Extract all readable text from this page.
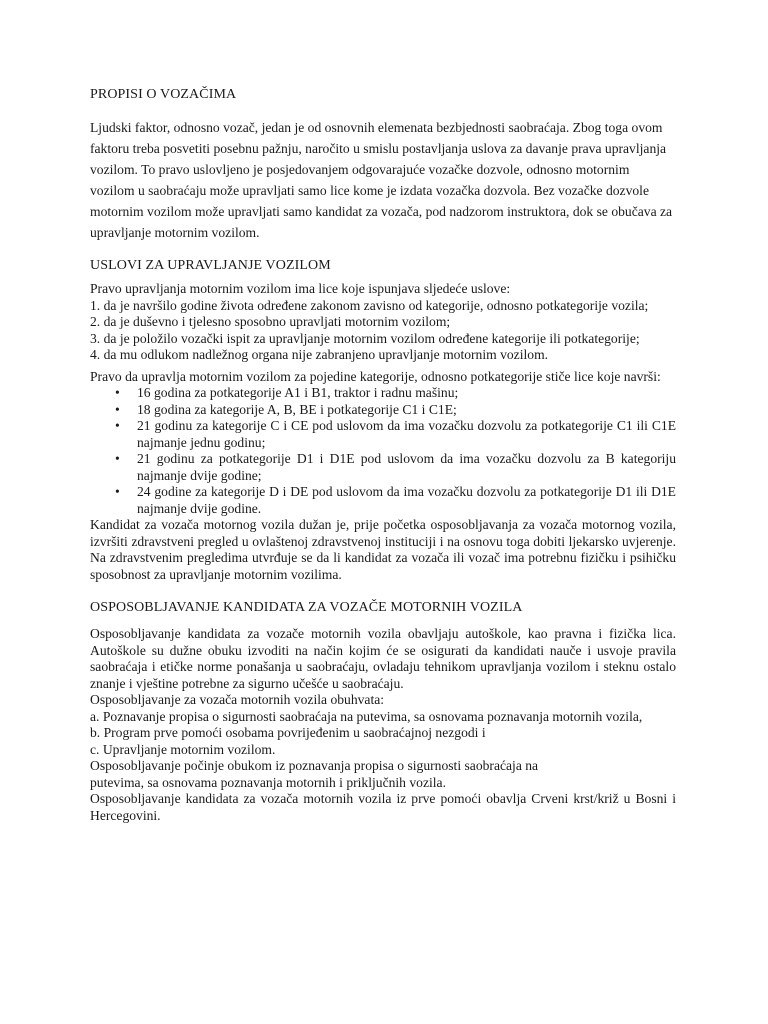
PROPISI O VOZAČIMA

Ljudski faktor, odnosno vozač, jedan je od osnovnih elemenata bezbjednosti saobraćaja. Zbog toga ovom faktoru treba posvetiti posebnu pažnju, naročito u smislu postavljanja uslova za davanje prava upravljanja vozilom. To pravo uslovljeno je posjedovanjem odgovarajuće vozačke dozvole, odnosno motornim vozilom u saobraćaju može upravljati samo lice kome je izdata vozačka dozvola. Bez vozačke dozvole motornim vozilom može upravljati samo kandidat za vozača, pod nadzorom instruktora, dok se obučava za upravljanje motornim vozilom.

USLOVI ZA UPRAVLJANJE VOZILOM

Pravo upravljanja motornim vozilom ima lice koje ispunjava sljedeće uslove:

1. da je navršilo godine života određene zakonom zavisno od kategorije, odnosno potkategorije vozila;

2. da je duševno i tjelesno sposobno upravljati motornim vozilom;

3. da je položilo vozački ispit za upravljanje motornim vozilom određene kategorije ili potkategorije;

4. da mu odlukom nadležnog organa nije zabranjeno upravljanje motornim vozilom.

Pravo da upravlja motornim vozilom za pojedine kategorije, odnosno potkategorije stiče lice koje navrši:

• 16 godina za potkategorije A1 i B1, traktor i radnu mašinu;
• 18 godina za kategorije A, B, BE i potkategorije C1 i C1E;
• 21 godinu za kategorije C i CE pod uslovom da ima vozačku dozvolu za potkategorije C1 ili C1E najmanje jednu godinu;
• 21 godinu za potkategorije D1 i D1E pod uslovom da ima vozačku dozvolu za B kategoriju najmanje dvije godine;
• 24 godine za kategorije D i DE pod uslovom da ima vozačku dozvolu za potkategorije D1 ili D1E najmanje dvije godine.

Kandidat za vozača motornog vozila dužan je, prije početka osposobljavanja za vozača motornog vozila, izvršiti zdravstveni pregled u ovlaštenoj zdravstvenoj instituciji i na osnovu toga dobiti ljekarsko uvjerenje. Na zdravstvenim pregledima utvrđuje se da li kandidat za vozača ili vozač ima potrebnu fizičku i psihičku sposobnost za upravljanje motornim vozilima.

OSPOSOBLJAVANJE KANDIDATA ZA VOZAČE MOTORNIH VOZILA

Osposobljavanje kandidata za vozače motornih vozila obavljaju autoškole, kao pravna i fizička lica. Autoškole su dužne obuku izvoditi na način kojim će se osigurati da kandidati nauče i usvoje pravila saobraćaja i etičke norme ponašanja u saobraćaju, ovladaju tehnikom upravljanja vozilom i steknu ostalo znanje i vještine potrebne za sigurno učešće u saobraćaju.

Osposobljavanje za vozača motornih vozila obuhvata:

a. Poznavanje propisa o sigurnosti saobraćaja na putevima, sa osnovama poznavanja motornih vozila,

b. Program prve pomoći osobama povrijeđenim u saobraćajnoj nezgodi i

c. Upravljanje motornim vozilom.

Osposobljavanje počinje obukom iz poznavanja propisa o sigurnosti saobraćaja na

putevima, sa osnovama poznavanja motornih i priključnih vozila.

Osposobljavanje kandidata za vozača motornih vozila iz prve pomoći obavlja Crveni krst/križ u Bosni i Hercegovini.
